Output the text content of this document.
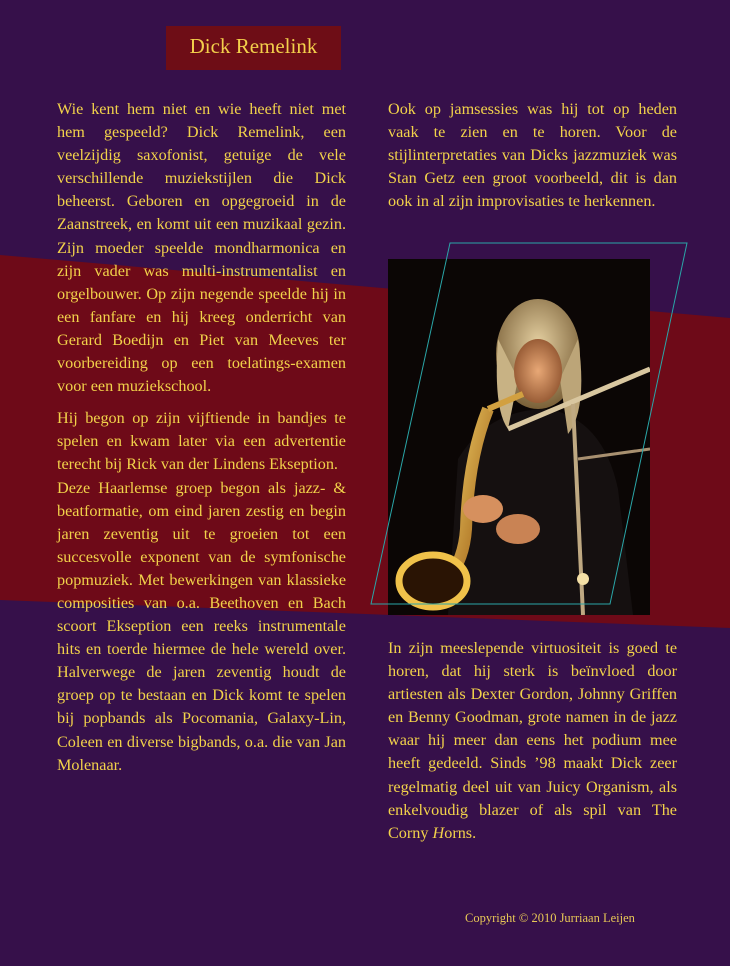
Dick Remelink

Wie kent hem niet en wie heeft niet met hem gespeeld? Dick Remelink, een veelzijdig saxofonist, getuige de vele verschillende muziekstijlen die Dick beheerst. Geboren en opgegroeid in de Zaanstreek, en komt uit een muzikaal gezin. Zijn moeder speelde mondharmonica en zijn vader was multi-instrumentalist en orgelbouwer. Op zijn negende speelde hij in een fanfare en hij kreeg onderricht van Gerard Boedijn en Piet van Meeves ter voorbereiding op een toelatings-examen voor een muziekschool.

Hij begon op zijn vijftiende in bandjes te spelen en kwam later via een advertentie terecht bij Rick van der Lindens Ekseption.

Deze Haarlemse groep begon als jazz- & beatformatie, om eind jaren zestig en begin jaren zeventig uit te groeien tot een succesvolle exponent van de symfonische popmuziek. Met bewerkingen van klassieke composities van o.a. Beethoven en Bach scoort Ekseption een reeks instrumentale hits en toerde hiermee de hele wereld over. Halverwege de jaren zeventig houdt de groep op te bestaan en Dick komt te spelen bij popbands als Pocomania, Galaxy-Lin, Coleen en diverse bigbands, o.a. die van Jan Molenaar.

Ook op jamsessies was hij tot op heden vaak te zien en te horen. Voor de stijlinterpretaties van Dicks jazzmuziek was Stan Getz een groot voorbeeld, dit is dan ook in al zijn improvisaties te herkennen.

In zijn meeslepende virtuositeit is goed te horen, dat hij sterk is beïnvloed door artiesten als Dexter Gordon, Johnny Griffen en Benny Goodman, grote namen in de jazz waar hij meer dan eens het podium mee heeft gedeeld. Sinds ’98 maakt Dick zeer regelmatig deel uit van Juicy Organism, als enkelvoudig blazer of als spil van The Corny Horns.

Copyright © 2010 Jurriaan Leijen
